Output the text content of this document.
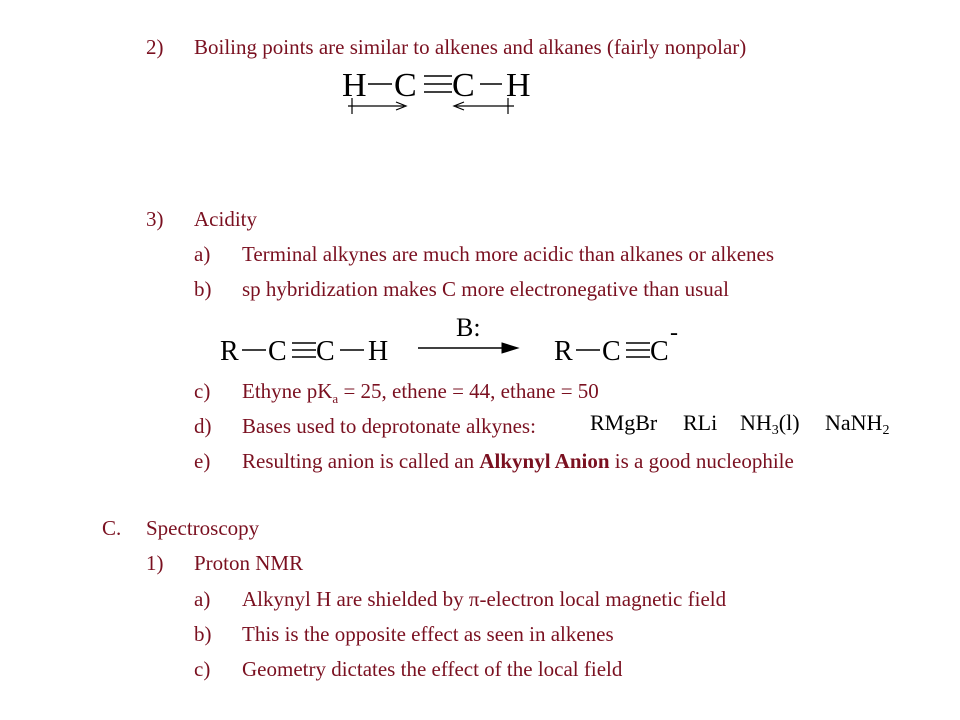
2) Boiling points are similar to alkenes and alkanes (fairly nonpolar)
H C C H
3) Acidity
a) Terminal alkynes are much more acidic than alkanes or alkenes
b) sp hybridization makes C more electronegative than usual
R C C H
B:
R C C
-
c) Ethyne $pK_a = 25$, ethene = 44, ethane = 50
d) Bases used to deprotonate alkynes: RMgBr RLi NH3(l) NaNH2
e) Resulting anion is called an Alkynyl Anion is a good nucleophile
C. Spectroscopy
1) Proton NMR
a) Alkynyl H are shielded by π-electron local magnetic field
b) This is the opposite effect as seen in alkenes
c) Geometry dictates the effect of the local field
